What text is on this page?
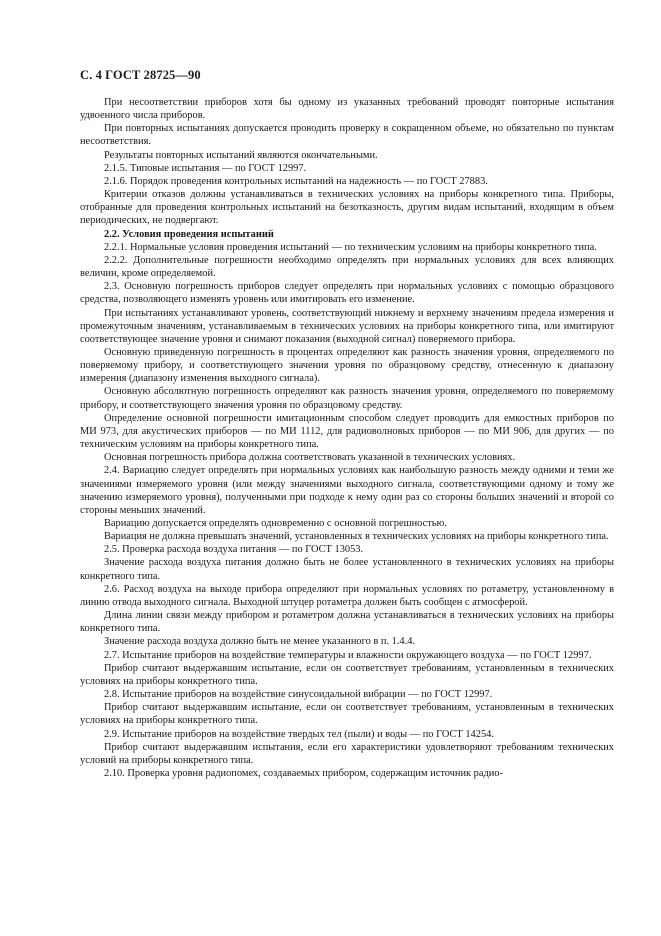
С. 4 ГОСТ 28725—90

При несоответствии приборов хотя бы одному из указанных требований проводят повторные испытания удвоенного числа приборов.

При повторных испытаниях допускается проводить проверку в сокращенном объеме, но обязательно по пунктам несоответствия.

Результаты повторных испытаний являются окончательными.

2.1.5. Типовые испытания — по ГОСТ 12997.

2.1.6. Порядок проведения контрольных испытаний на надежность — по ГОСТ 27883.

Критерии отказов должны устанавливаться в технических условиях на приборы конкретного типа. Приборы, отобранные для проведения контрольных испытаний на безотказность, другим видам испытаний, входящим в объем периодических, не подвергают.

2.2. Условия проведения испытаний

2.2.1. Нормальные условия проведения испытаний — по техническим условиям на приборы конкретного типа.

2.2.2. Дополнительные погрешности необходимо определять при нормальных условиях для всех влияющих величин, кроме определяемой.

2.3. Основную погрешность приборов следует определять при нормальных условиях с помощью образцового средства, позволяющего изменять уровень или имитировать его изменение.

При испытаниях устанавливают уровень, соответствующий нижнему и верхнему значениям предела измерения и промежуточным значениям, устанавливаемым в технических условиях на приборы конкретного типа, или имитируют соответствующее значение уровня и снимают показания (выходной сигнал) поверяемого прибора.

Основную приведенную погрешность в процентах определяют как разность значения уровня, определяемого по поверяемому прибору, и соответствующего значения уровня по образцовому средству, отнесенную к диапазону измерения (диапазону изменения выходного сигнала).

Основную абсолютную погрешность определяют как разность значения уровня, определяемого по поверяемому прибору, и соответствующего значения уровня по образцовому средству.

Определение основной погрешности имитационным способом следует проводить для емкостных приборов по МИ 973, для акустических приборов — по МИ 1112, для радиоволновых приборов — по МИ 906, для других — по техническим условиям на приборы конкретного типа.

Основная погрешность прибора должна соответствовать указанной в технических условиях.

2.4. Вариацию следует определять при нормальных условиях как наибольшую разность между одними и теми же значениями измеряемого уровня (или между значениями выходного сигнала, соответствующими одному и тому же значению измеряемого уровня), полученными при подходе к нему один раз со стороны больших значений и второй со стороны меньших значений.

Вариацию допускается определять одновременно с основной погрешностью.

Вариация не должна превышать значений, установленных в технических условиях на приборы конкретного типа.

2.5. Проверка расхода воздуха питания — по ГОСТ 13053.

Значение расхода воздуха питания должно быть не более установленного в технических условиях на приборы конкретного типа.

2.6. Расход воздуха на выходе прибора определяют при нормальных условиях по ротаметру, установленному в линию отвода выходного сигнала. Выходной штуцер ротаметра должен быть сообщен с атмосферой.

Длина линии связи между прибором и ротаметром должна устанавливаться в технических условиях на приборы конкретного типа.

Значение расхода воздуха должно быть не менее указанного в п. 1.4.4.

2.7. Испытание приборов на воздействие температуры и влажности окружающего воздуха — по ГОСТ 12997.

Прибор считают выдержавшим испытание, если он соответствует требованиям, установленным в технических условиях на приборы конкретного типа.

2.8. Испытание приборов на воздействие синусоидальной вибрации — по ГОСТ 12997.

Прибор считают выдержавшим испытание, если он соответствует требованиям, установленным в технических условиях на приборы конкретного типа.

2.9. Испытание приборов на воздействие твердых тел (пыли) и воды — по ГОСТ 14254.

Прибор считают выдержавшим испытания, если его характеристики удовлетворяют требованиям технических условий на приборы конкретного типа.

2.10. Проверка уровня радиопомех, создаваемых прибором, содержащим источник радио-
